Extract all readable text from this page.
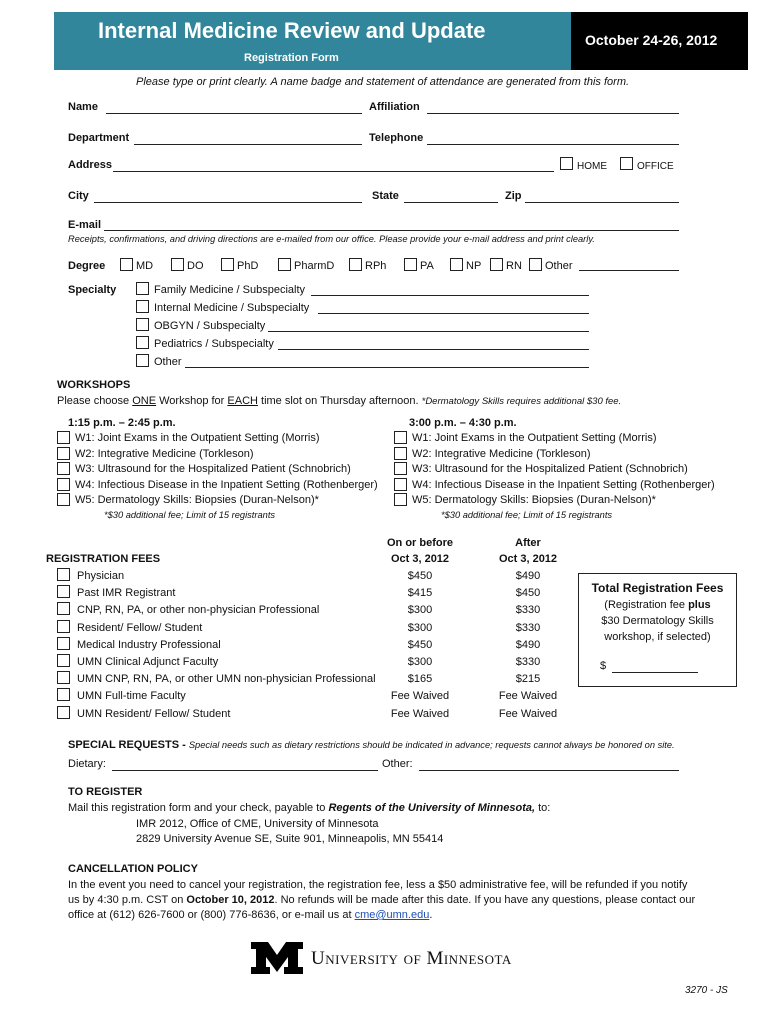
Internal Medicine Review and Update
Registration Form
October 24-26, 2012
Please type or print clearly. A name badge and statement of attendance are generated from this form.
Name	Affiliation
Department	Telephone
Address	HOME	OFFICE
City	State	Zip
E-mail
Receipts, confirmations, and driving directions are e-mailed from our office. Please provide your e-mail address and print clearly.
Degree	MD	DO	PhD	PharmD	RPh	PA	NP RN Other
Specialty	Family Medicine / Subspecialty
Internal Medicine / Subspecialty
OBGYN / Subspecialty
Pediatrics / Subspecialty
Other
WORKSHOPS
Please choose ONE Workshop for EACH time slot on Thursday afternoon. *Dermatology Skills requires additional $30 fee.
1:15 p.m. – 2:45 p.m.
W1: Joint Exams in the Outpatient Setting (Morris)
W2: Integrative Medicine (Torkleson)
W3: Ultrasound for the Hospitalized Patient (Schnobrich)
W4: Infectious Disease in the Inpatient Setting (Rothenberger)
W5: Dermatology Skills: Biopsies (Duran-Nelson)*
*$30 additional fee; Limit of 15 registrants
3:00 p.m. – 4:30 p.m.
W1: Joint Exams in the Outpatient Setting (Morris)
W2: Integrative Medicine (Torkleson)
W3: Ultrasound for the Hospitalized Patient (Schnobrich)
W4: Infectious Disease in the Inpatient Setting (Rothenberger)
W5: Dermatology Skills: Biopsies (Duran-Nelson)*
*$30 additional fee; Limit of 15 registrants
On or before	After
REGISTRATION FEES	Oct 3, 2012	Oct 3, 2012
Physician	$450	$490
Past IMR Registrant	$415	$450
CNP, RN, PA, or other non-physician Professional	$300	$330
Resident/ Fellow/ Student	$300	$330
Medical Industry Professional	$450	$490
UMN Clinical Adjunct Faculty	$300	$330
UMN CNP, RN, PA, or other UMN non-physician Professional	$165	$215
UMN Full-time Faculty	Fee Waived	Fee Waived
UMN Resident/ Fellow/ Student	Fee Waived	Fee Waived
Total Registration Fees
(Registration fee plus
$30 Dermatology Skills
workshop, if selected)
$
SPECIAL REQUESTS - Special needs such as dietary restrictions should be indicated in advance; requests cannot always be honored on site.
Dietary:	Other:
TO REGISTER
Mail this registration form and your check, payable to Regents of the University of Minnesota, to:
IMR 2012, Office of CME, University of Minnesota
2829 University Avenue SE, Suite 901, Minneapolis, MN 55414
CANCELLATION POLICY
In the event you need to cancel your registration, the registration fee, less a $50 administrative fee, will be refunded if you notify
us by 4:30 p.m. CST on October 10, 2012. No refunds will be made after this date. If you have any questions, please contact our
office at (612) 626-7600 or (800) 776-8636, or e-mail us at cme@umn.edu.
University of Minnesota
3270 - JS
